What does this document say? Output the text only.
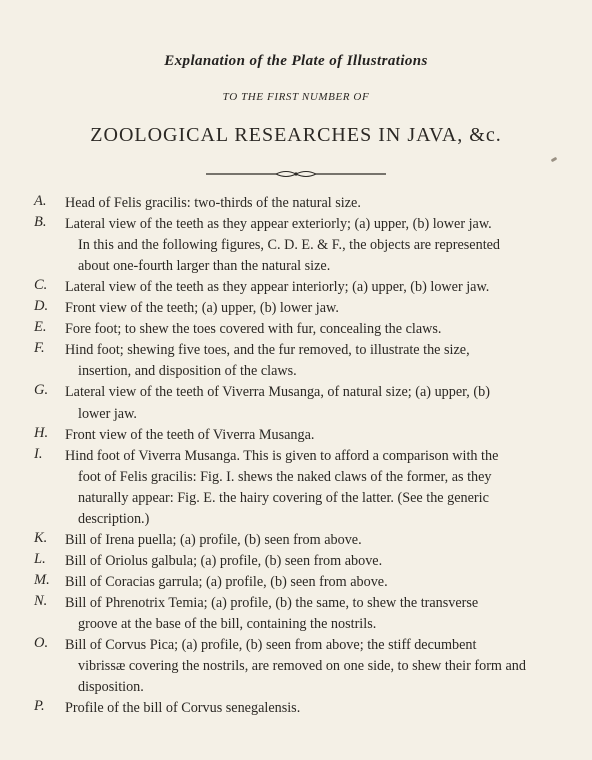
Explanation of the Plate of Illustrations
TO THE FIRST NUMBER OF
ZOOLOGICAL RESEARCHES IN JAVA, &c.
A. Head of Felis gracilis: two-thirds of the natural size.
B. Lateral view of the teeth as they appear exteriorly; (a) upper, (b) lower jaw.
In this and the following figures, C. D. E. & F., the objects are represented
about one-fourth larger than the natural size.
C. Lateral view of the teeth as they appear interiorly; (a) upper, (b) lower jaw.
D. Front view of the teeth; (a) upper, (b) lower jaw.
E. Fore foot; to shew the toes covered with fur, concealing the claws.
F. Hind foot; shewing five toes, and the fur removed, to illustrate the size,
insertion, and disposition of the claws.
G. Lateral view of the teeth of Viverra Musanga, of natural size; (a) upper, (b)
lower jaw.
H. Front view of the teeth of Viverra Musanga.
I. Hind foot of Viverra Musanga. This is given to afford a comparison with the
foot of Felis gracilis: Fig. I. shews the naked claws of the former, as they
naturally appear: Fig. E. the hairy covering of the latter. (See the generic
description.)
K. Bill of Irena puella; (a) profile, (b) seen from above.
L. Bill of Oriolus galbula; (a) profile, (b) seen from above.
M. Bill of Coracias garrula; (a) profile, (b) seen from above.
N. Bill of Phrenotrix Temia; (a) profile, (b) the same, to shew the transverse
groove at the base of the bill, containing the nostrils.
O. Bill of Corvus Pica; (a) profile, (b) seen from above; the stiff decumbent
vibrissæ covering the nostrils, are removed on one side, to shew their form and
disposition.
P. Profile of the bill of Corvus senegalensis.
